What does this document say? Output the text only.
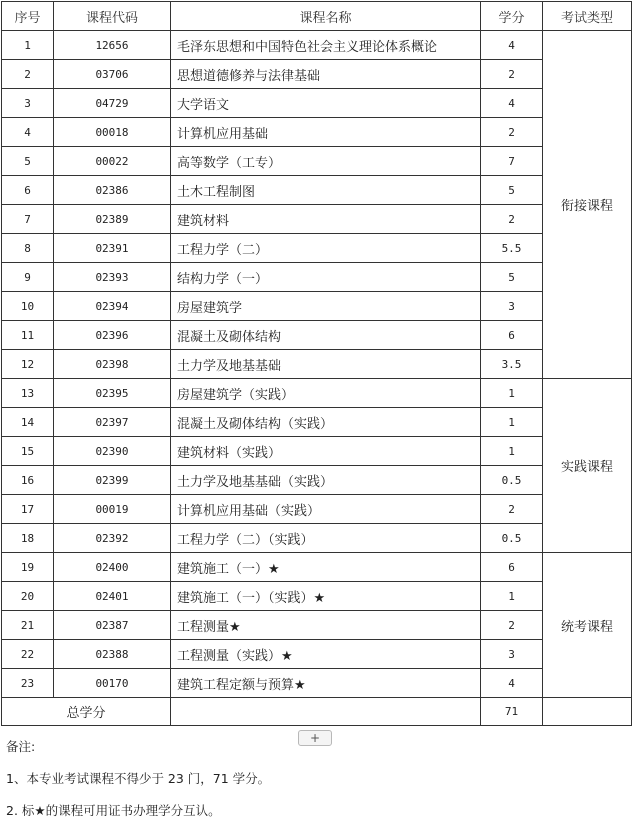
序号	课程代码	课程名称	学分	考试类型
1	12656	毛泽东思想和中国特色社会主义理论体系概论	4	衔接课程
2	03706	思想道德修养与法律基础	2	
3	04729	大学语文	4	
4	00018	计算机应用基础	2	
5	00022	高等数学（工专）	7	
6	02386	土木工程制图	5	
7	02389	建筑材料	2	
8	02391	工程力学（二）	5.5	
9	02393	结构力学（一）	5	
10	02394	房屋建筑学	3	
11	02396	混凝土及砌体结构	6	
12	02398	土力学及地基基础	3.5	
13	02395	房屋建筑学（实践）	1	实践课程
14	02397	混凝土及砌体结构（实践）	1	
15	02390	建筑材料（实践）	1	
16	02399	土力学及地基基础（实践）	0.5	
17	00019	计算机应用基础（实践）	2	
18	02392	工程力学（二）（实践）	0.5	
19	02400	建筑施工（一）★	6	统考课程
20	02401	建筑施工（一）（实践）★	1	
21	02387	工程测量★	2	
22	02388	工程测量（实践）★	3	
23	00170	建筑工程定额与预算★	4	
总学分			71	
+
备注:
1、本专业考试课程不得少于 23 门，71 学分。
2. 标★的课程可用证书办理学分互认。
